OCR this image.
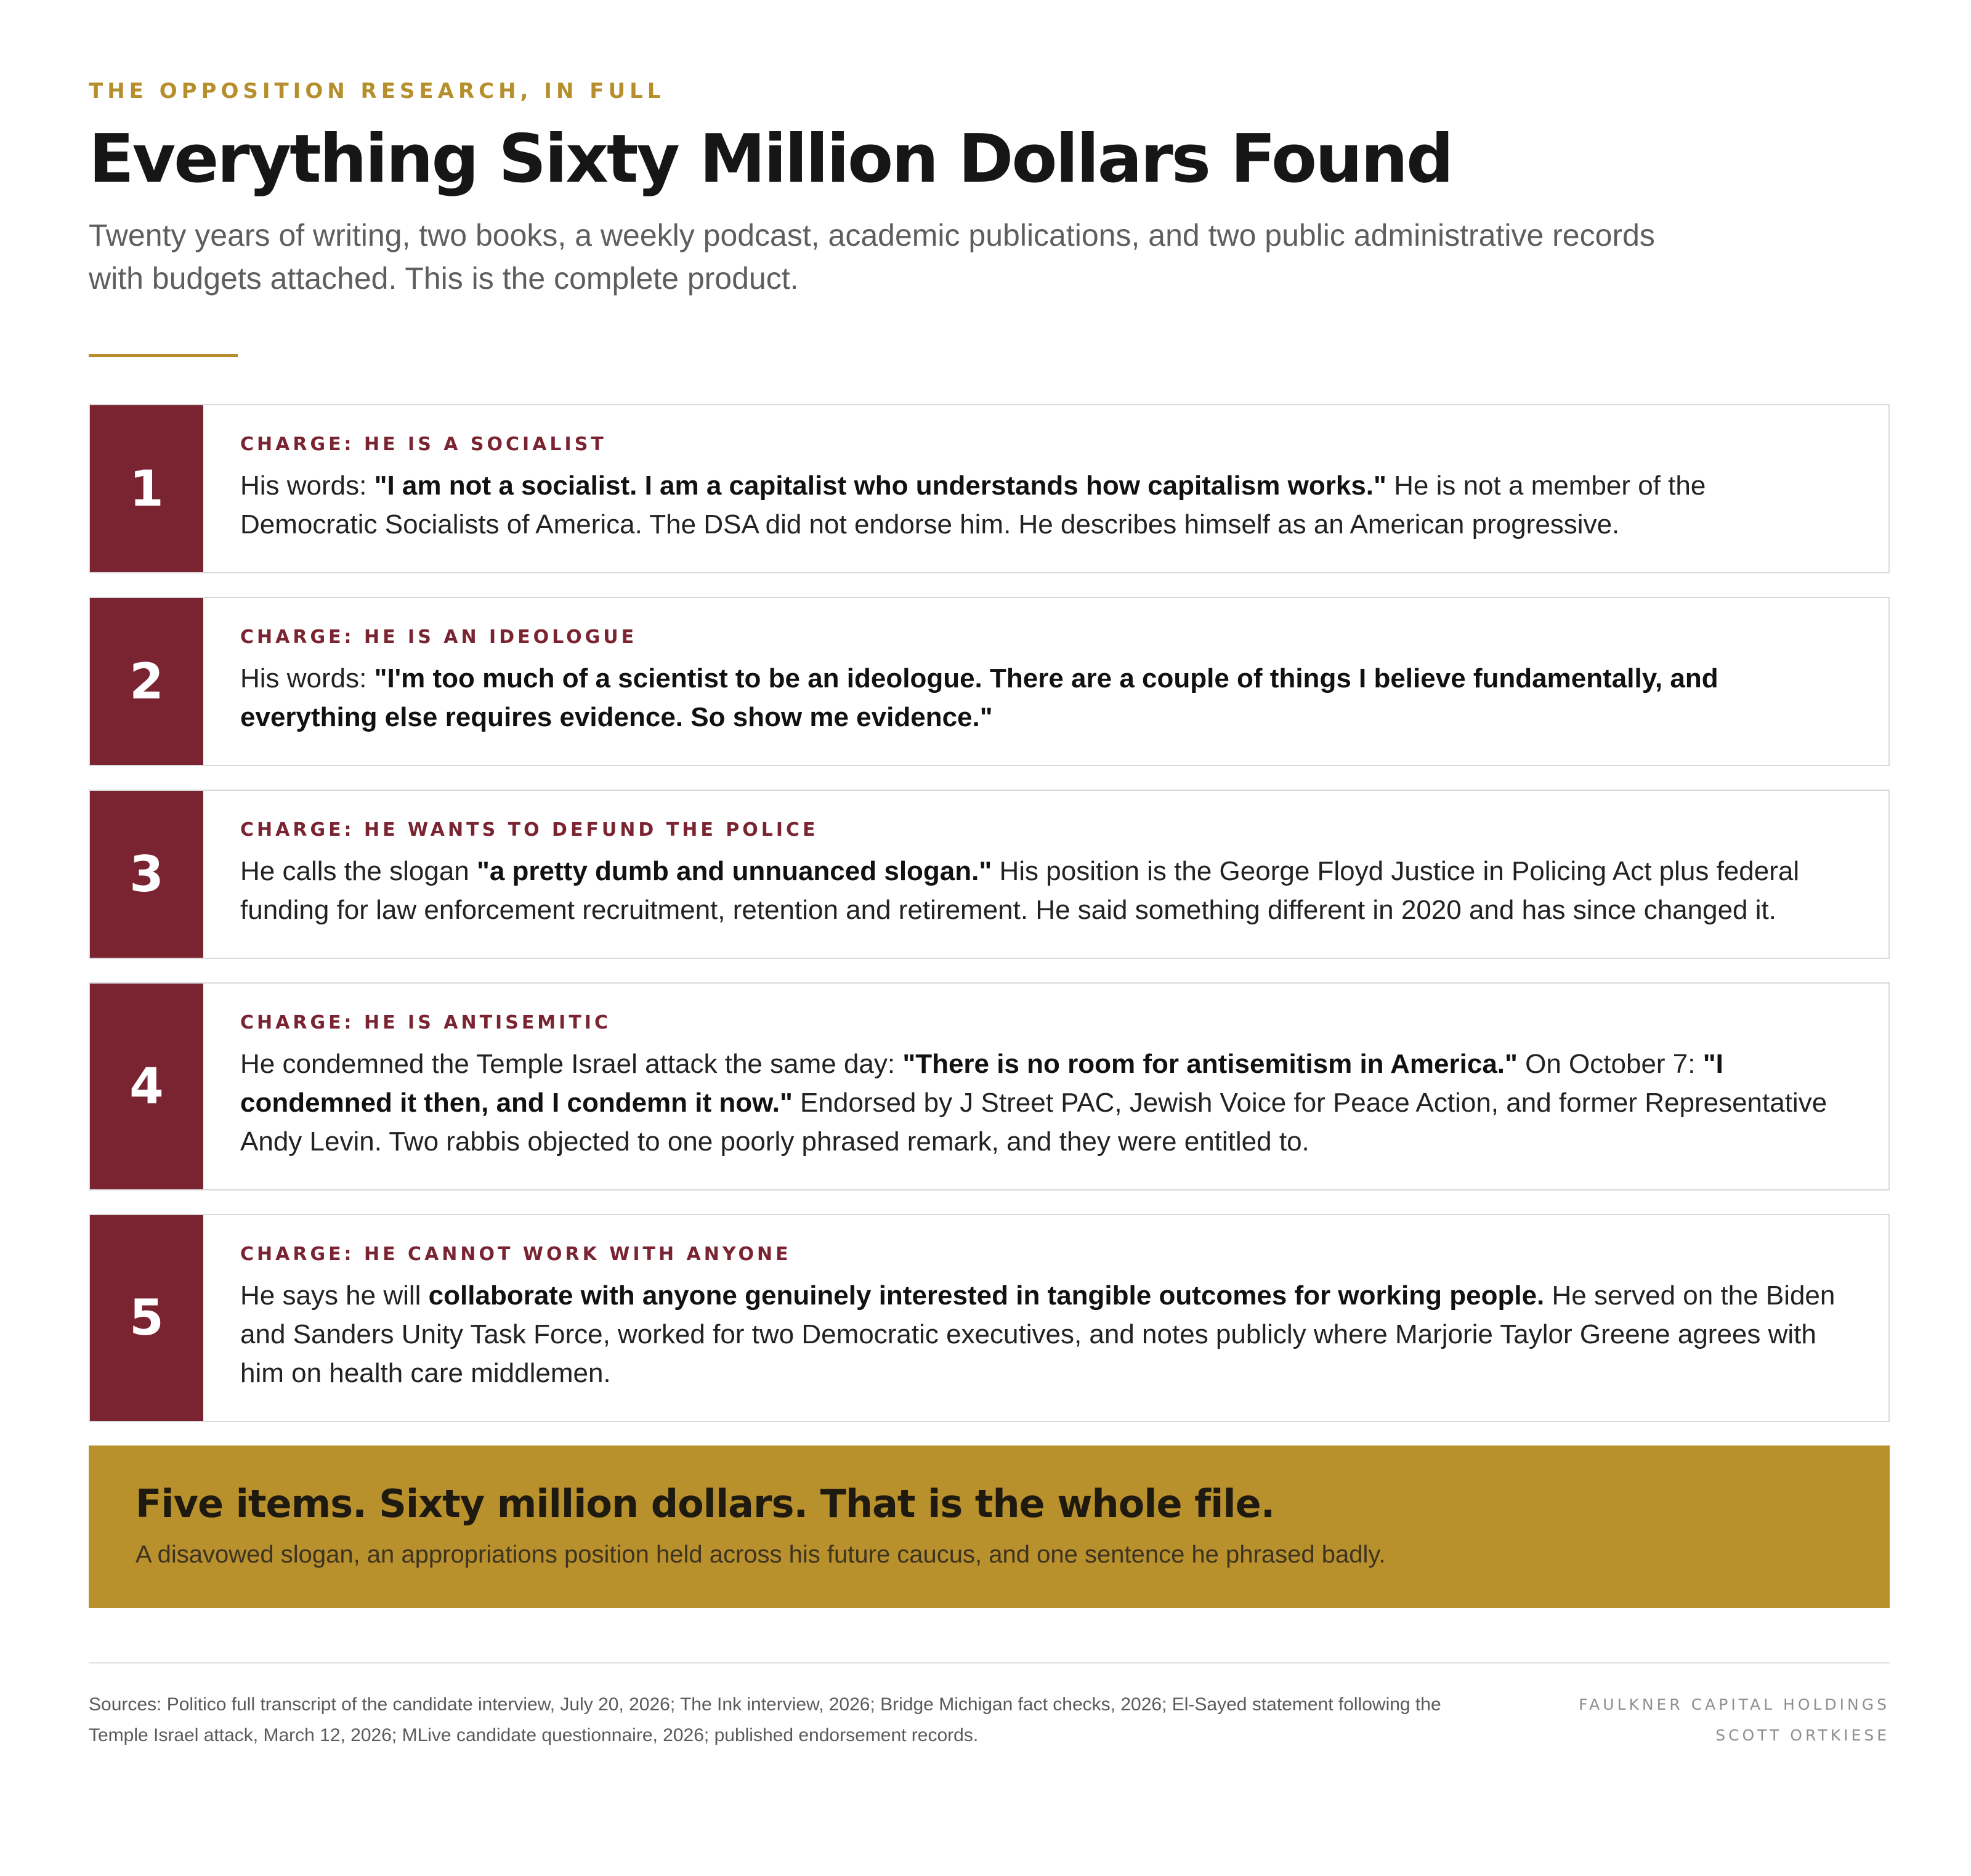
THE OPPOSITION RESEARCH, IN FULL
Everything Sixty Million Dollars Found
Twenty years of writing, two books, a weekly podcast, academic publications, and two public administrative records with budgets attached. This is the complete product.
1
CHARGE: HE IS A SOCIALIST
His words: "I am not a socialist. I am a capitalist who understands how capitalism works." He is not a member of the Democratic Socialists of America. The DSA did not endorse him. He describes himself as an American progressive.
2
CHARGE: HE IS AN IDEOLOGUE
His words: "I'm too much of a scientist to be an ideologue. There are a couple of things I believe fundamentally, and everything else requires evidence. So show me evidence."
3
CHARGE: HE WANTS TO DEFUND THE POLICE
He calls the slogan "a pretty dumb and unnuanced slogan." His position is the George Floyd Justice in Policing Act plus federal funding for law enforcement recruitment, retention and retirement. He said something different in 2020 and has since changed it.
4
CHARGE: HE IS ANTISEMITIC
He condemned the Temple Israel attack the same day: "There is no room for antisemitism in America." On October 7: "I condemned it then, and I condemn it now." Endorsed by J Street PAC, Jewish Voice for Peace Action, and former Representative Andy Levin. Two rabbis objected to one poorly phrased remark, and they were entitled to.
5
CHARGE: HE CANNOT WORK WITH ANYONE
He says he will collaborate with anyone genuinely interested in tangible outcomes for working people. He served on the Biden and Sanders Unity Task Force, worked for two Democratic executives, and notes publicly where Marjorie Taylor Greene agrees with him on health care middlemen.
Five items. Sixty million dollars. That is the whole file.
A disavowed slogan, an appropriations position held across his future caucus, and one sentence he phrased badly.
Sources: Politico full transcript of the candidate interview, July 20, 2026; The Ink interview, 2026; Bridge Michigan fact checks, 2026; El-Sayed statement following the Temple Israel attack, March 12, 2026; MLive candidate questionnaire, 2026; published endorsement records.
FAULKNER CAPITAL HOLDINGS
SCOTT ORTKIESE
